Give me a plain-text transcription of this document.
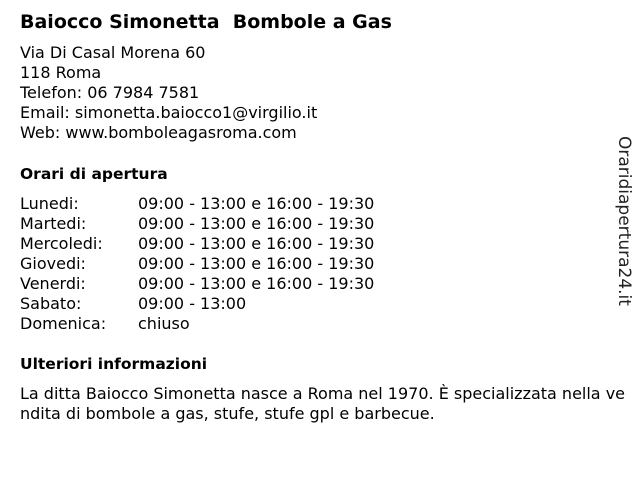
Baiocco Simonetta  Bombole a Gas
Via Di Casal Morena 60
118 Roma
Telefon: 06 7984 7581
Email: simonetta.baiocco1@virgilio.it
Web: www.bomboleagasroma.com
Orari di apertura
Lunedi:	09:00 - 13:00 e 16:00 - 19:30
Martedi:	09:00 - 13:00 e 16:00 - 19:30
Mercoledi: 09:00 - 13:00 e 16:00 - 19:30
Giovedi:	09:00 - 13:00 e 16:00 - 19:30
Venerdi:	09:00 - 13:00 e 16:00 - 19:30
Sabato:	09:00 - 13:00
Domenica: chiuso
Ulteriori informazioni
La ditta Baiocco Simonetta nasce a Roma nel 1970. È specializzata nella vendita di bombole a gas, stufe, stufe gpl e barbecue.
Oraridiapertura24.it
